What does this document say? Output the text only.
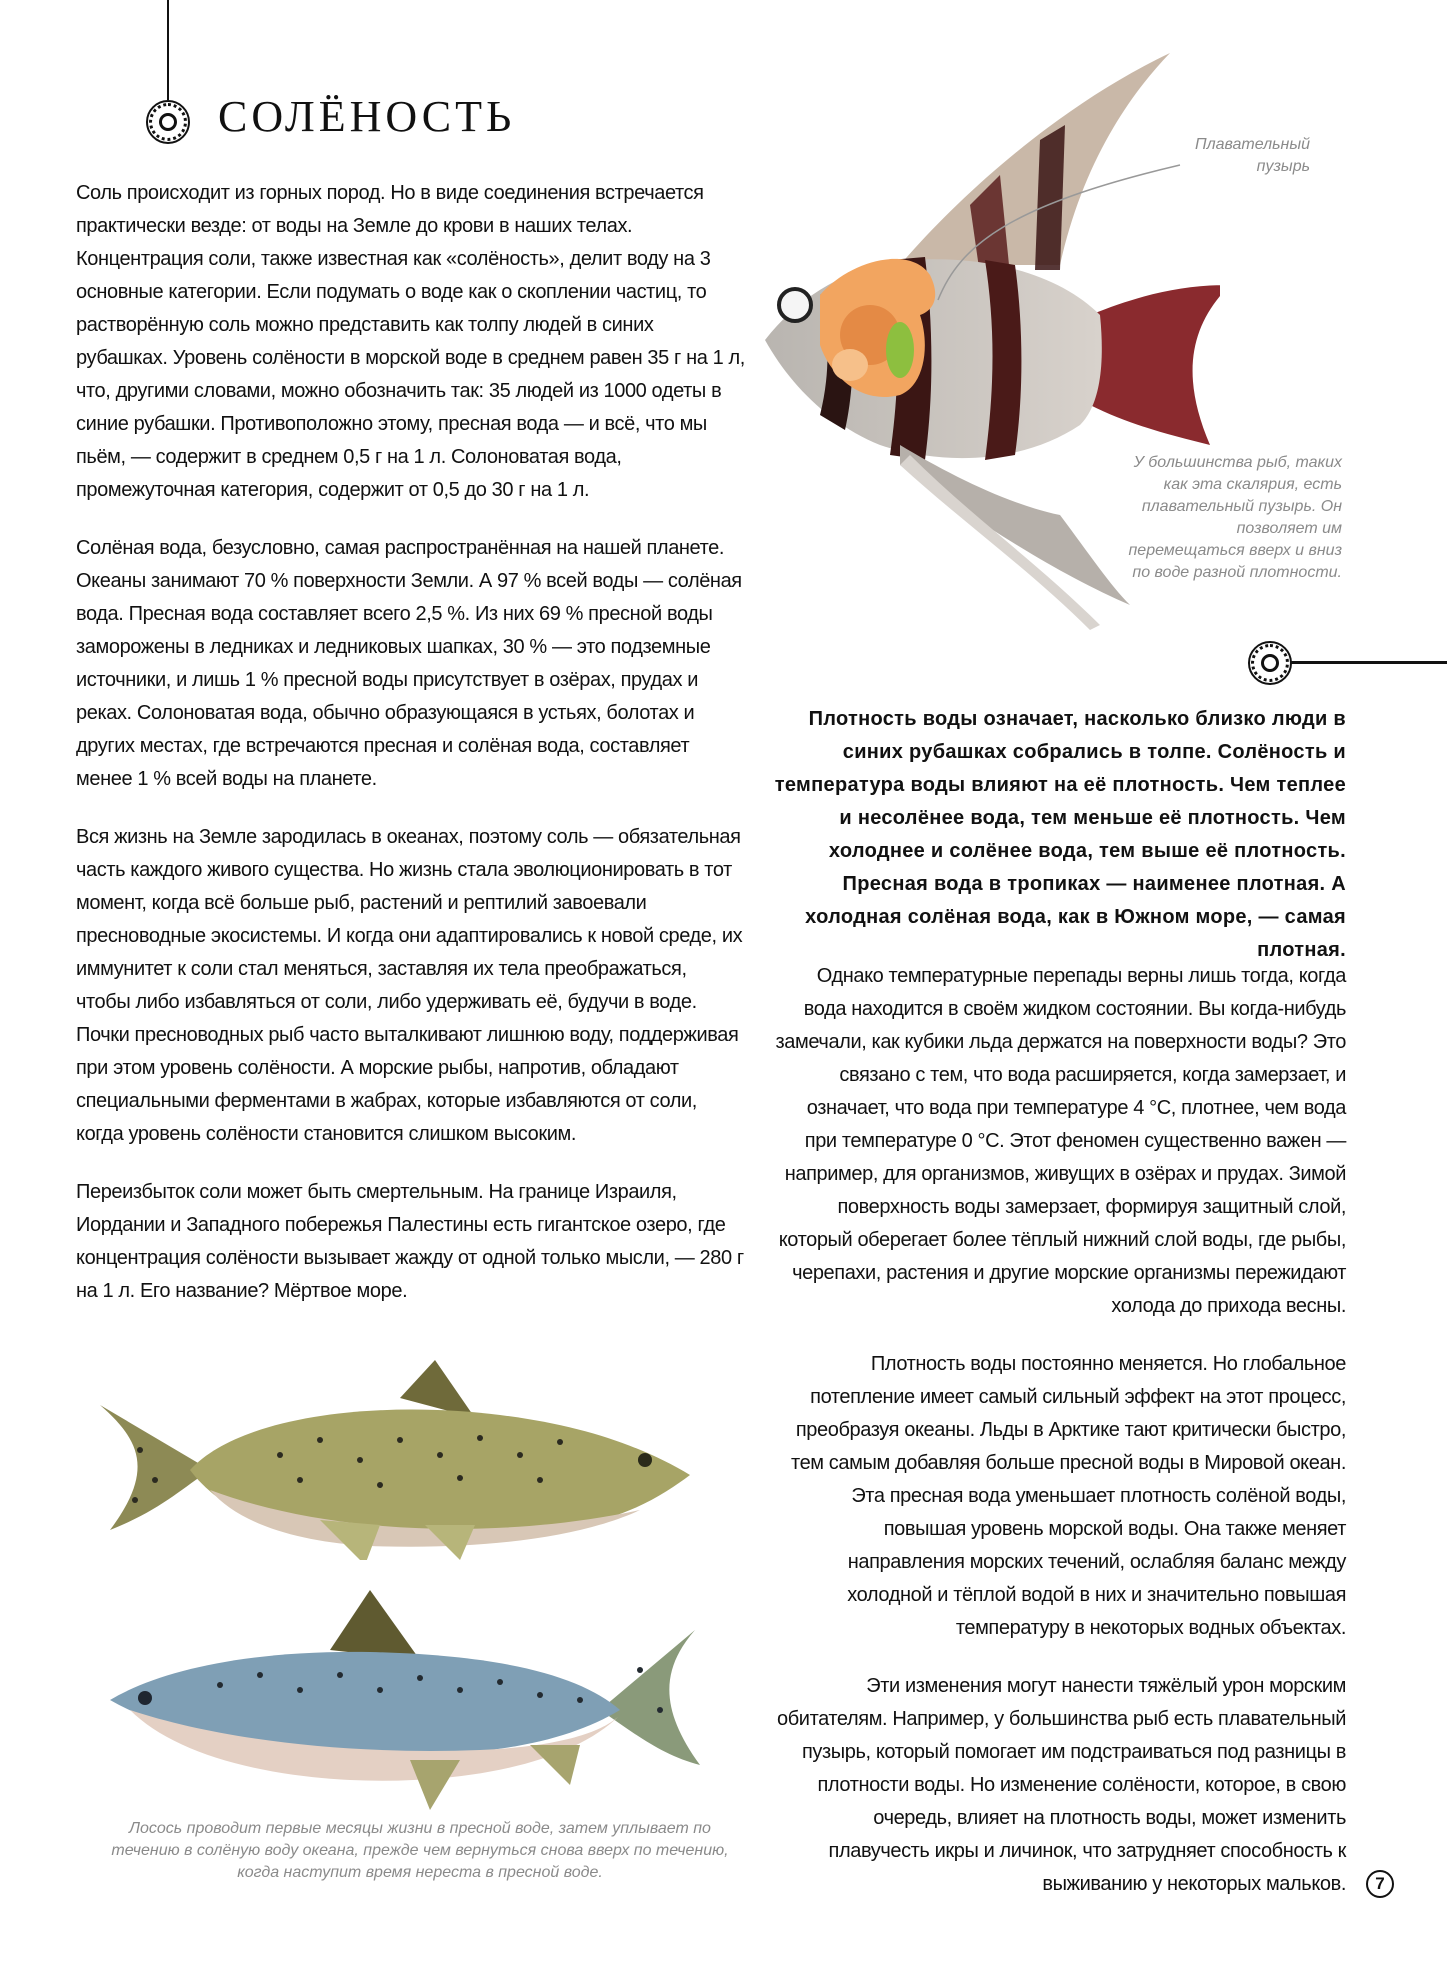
СОЛЁНОСТЬ

Соль происходит из горных пород. Но в виде соединения встречается практически везде: от воды на Земле до крови в наших телах. Концентрация соли, также известная как «солёность», делит воду на 3 основные категории. Если подумать о воде как о скоплении частиц, то растворённую соль можно представить как толпу людей в синих рубашках. Уровень солёности в морской воде в среднем равен 35 г на 1 л, что, другими словами, можно обозначить так: 35 людей из 1000 одеты в синие рубашки. Противоположно этому, пресная вода — и всё, что мы пьём, — содержит в среднем 0,5 г на 1 л. Солоноватая вода, промежуточная категория, содержит от 0,5 до 30 г на 1 л.

Солёная вода, безусловно, самая распространённая на нашей планете. Океаны занимают 70 % поверхности Земли. А 97 % всей воды — солёная вода. Пресная вода составляет всего 2,5 %. Из них 69 % пресной воды заморожены в ледниках и ледниковых шапках, 30 % — это подземные источники, и лишь 1 % пресной воды присутствует в озёрах, прудах и реках. Солоноватая вода, обычно образующаяся в устьях, болотах и других местах, где встречаются пресная и солёная вода, составляет менее 1 % всей воды на планете.

Вся жизнь на Земле зародилась в океанах, поэтому соль — обязательная часть каждого живого существа. Но жизнь стала эволюционировать в тот момент, когда всё больше рыб, растений и рептилий завоевали пресноводные экосистемы. И когда они адаптировались к новой среде, их иммунитет к соли стал меняться, заставляя их тела преображаться, чтобы либо избавляться от соли, либо удерживать её, будучи в воде. Почки пресноводных рыб часто выталкивают лишнюю воду, поддерживая при этом уровень солёности. А морские рыбы, напротив, обладают специальными ферментами в жабрах, которые избавляются от соли, когда уровень солёности становится слишком высоким.

Переизбыток соли может быть смертельным. На границе Израиля, Иордании и Западного побережья Палестины есть гигантское озеро, где концентрация солёности вызывает жажду от одной только мысли, — 280 г на 1 л. Его название? Мёртвое море.

Плавательный пузырь
У большинства рыб, таких как эта скалярия, есть плавательный пузырь. Он позволяет им перемещаться вверх и вниз по воде разной плотности.
Плотность воды означает, насколько близко люди в синих рубашках собрались в толпе. Солёность и температура воды влияют на её плотность. Чем теплее и несолёнее вода, тем меньше её плотность. Чем холоднее и солёнее вода, тем выше её плотность. Пресная вода в тропиках — наименее плотная. А холодная солёная вода, как в Южном море, — самая плотная.

Однако температурные перепады верны лишь тогда, когда вода находится в своём жидком состоянии. Вы когда-нибудь замечали, как кубики льда держатся на поверхности воды? Это связано с тем, что вода расширяется, когда замерзает, и означает, что вода при температуре 4 °С, плотнее, чем вода при температуре 0 °С. Этот феномен существенно важен — например, для организмов, живущих в озёрах и прудах. Зимой поверхность воды замерзает, формируя защитный слой, который оберегает более тёплый нижний слой воды, где рыбы, черепахи, растения и другие морские организмы пережидают холода до прихода весны.

Плотность воды постоянно меняется. Но глобальное потепление имеет самый сильный эффект на этот процесс, преобразуя океаны. Льды в Арктике тают критически быстро, тем самым добавляя больше пресной воды в Мировой океан. Эта пресная вода уменьшает плотность солёной воды, повышая уровень морской воды. Она также меняет направления морских течений, ослабляя баланс между холодной и тёплой водой в них и значительно повышая температуру в некоторых водных объектах.

Эти изменения могут нанести тяжёлый урон морским обитателям. Например, у большинства рыб есть плавательный пузырь, который помогает им подстраиваться под разницы в плотности воды. Но изменение солёности, которое, в свою очередь, влияет на плотность воды, может изменить плавучесть икры и личинок, что затрудняет способность к выживанию у некоторых мальков.

Лосось проводит первые месяцы жизни в пресной воде, затем уплывает по течению в солёную воду океана, прежде чем вернуться снова вверх по течению, когда наступит время нереста в пресной воде.
7
